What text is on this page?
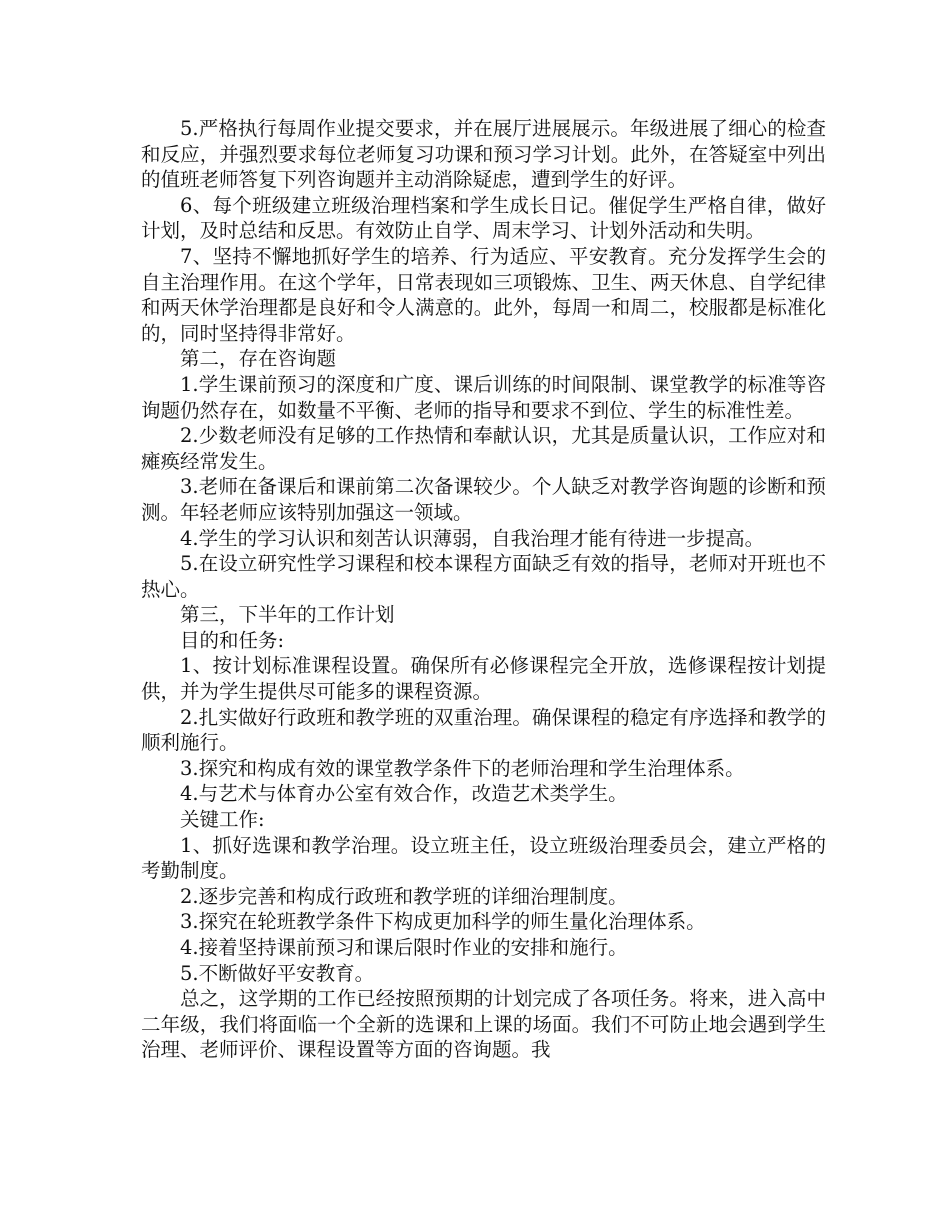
5.严格执行每周作业提交要求，并在展厅进展展示。年级进展了细心的检查和反应，并强烈要求每位老师复习功课和预习学习计划。此外，在答疑室中列出的值班老师答复下列咨询题并主动消除疑虑，遭到学生的好评。

6、每个班级建立班级治理档案和学生成长日记。催促学生严格自律，做好计划，及时总结和反思。有效防止自学、周末学习、计划外活动和失明。

7、坚持不懈地抓好学生的培养、行为适应、平安教育。充分发挥学生会的自主治理作用。在这个学年，日常表现如三项锻炼、卫生、两天休息、自学纪律和两天休学治理都是良好和令人满意的。此外，每周一和周二，校服都是标准化的，同时坚持得非常好。

第二，存在咨询题

1.学生课前预习的深度和广度、课后训练的时间限制、课堂教学的标准等咨询题仍然存在，如数量不平衡、老师的指导和要求不到位、学生的标准性差。

2.少数老师没有足够的工作热情和奉献认识，尤其是质量认识，工作应对和瘫痪经常发生。

3.老师在备课后和课前第二次备课较少。个人缺乏对教学咨询题的诊断和预测。年轻老师应该特别加强这一领域。

4.学生的学习认识和刻苦认识薄弱，自我治理才能有待进一步提高。

5.在设立研究性学习课程和校本课程方面缺乏有效的指导，老师对开班也不热心。

第三，下半年的工作计划

目的和任务:

1、按计划标准课程设置。确保所有必修课程完全开放，选修课程按计划提供，并为学生提供尽可能多的课程资源。

2.扎实做好行政班和教学班的双重治理。确保课程的稳定有序选择和教学的顺利施行。

3.探究和构成有效的课堂教学条件下的老师治理和学生治理体系。

4.与艺术与体育办公室有效合作，改造艺术类学生。

关键工作:

1、抓好选课和教学治理。设立班主任，设立班级治理委员会，建立严格的考勤制度。

2.逐步完善和构成行政班和教学班的详细治理制度。

3.探究在轮班教学条件下构成更加科学的师生量化治理体系。

4.接着坚持课前预习和课后限时作业的安排和施行。

5.不断做好平安教育。

总之，这学期的工作已经按照预期的计划完成了各项任务。将来，进入高中二年级，我们将面临一个全新的选课和上课的场面。我们不可防止地会遇到学生治理、老师评价、课程设置等方面的咨询题。我
